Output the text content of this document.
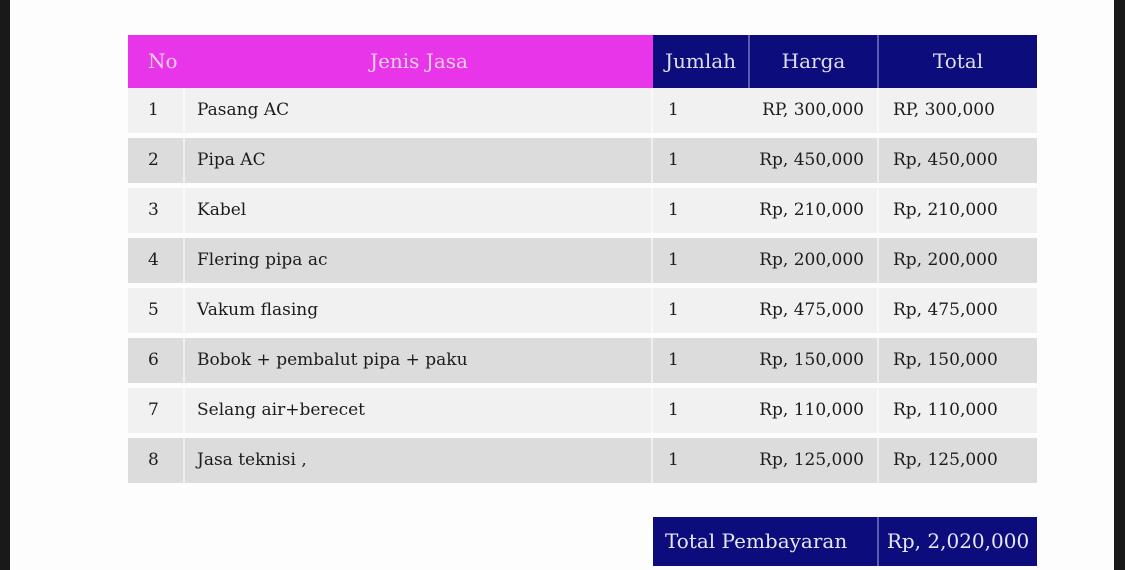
No	Jenis Jasa	Jumlah	Harga	Total
1	Pasang AC	1	RP, 300,000	RP, 300,000
2	Pipa AC	1	Rp, 450,000	Rp, 450,000
3	Kabel	1	Rp, 210,000	Rp, 210,000
4	Flering pipa ac	1	Rp, 200,000	Rp, 200,000
5	Vakum flasing	1	Rp, 475,000	Rp, 475,000
6	Bobok + pembalut pipa + paku	1	Rp, 150,000	Rp, 150,000
7	Selang air+berecet	1	Rp, 110,000	Rp, 110,000
8	Jasa teknisi ,	1	Rp, 125,000	Rp, 125,000
Total Pembayaran	Rp, 2,020,000
